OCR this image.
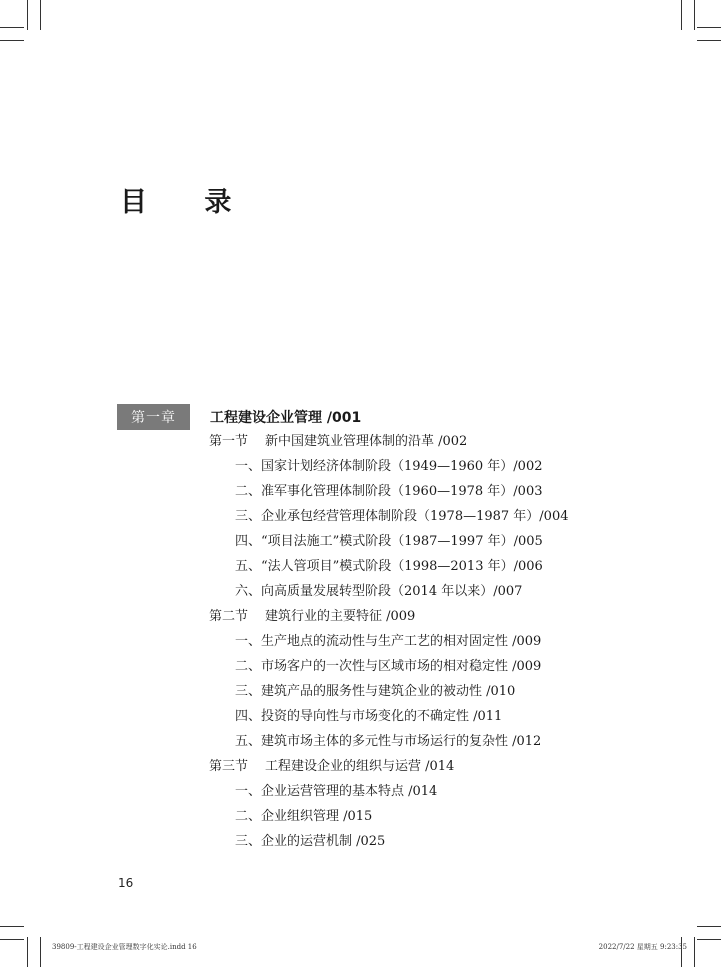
目 录
第一章	工程建设企业管理 /001
第一节 新中国建筑业管理体制的沿革 /002
一、国家计划经济体制阶段（1949—1960 年）/002
二、准军事化管理体制阶段（1960—1978 年）/003
三、企业承包经营管理体制阶段（1978—1987 年）/004
四、“项目法施工”模式阶段（1987—1997 年）/005
五、“法人管项目”模式阶段（1998—2013 年）/006
六、向高质量发展转型阶段（2014 年以来）/007
第二节 建筑行业的主要特征 /009
一、生产地点的流动性与生产工艺的相对固定性 /009
二、市场客户的一次性与区域市场的相对稳定性 /009
三、建筑产品的服务性与建筑企业的被动性 /010
四、投资的导向性与市场变化的不确定性 /011
五、建筑市场主体的多元性与市场运行的复杂性 /012
第三节 工程建设企业的组织与运营 /014
一、企业运营管理的基本特点 /014
二、企业组织管理 /015
三、企业的运营机制 /025
16
39809-工程建设企业管理数字化实论.indd 16	2022/7/22 星期五 9:23:35
